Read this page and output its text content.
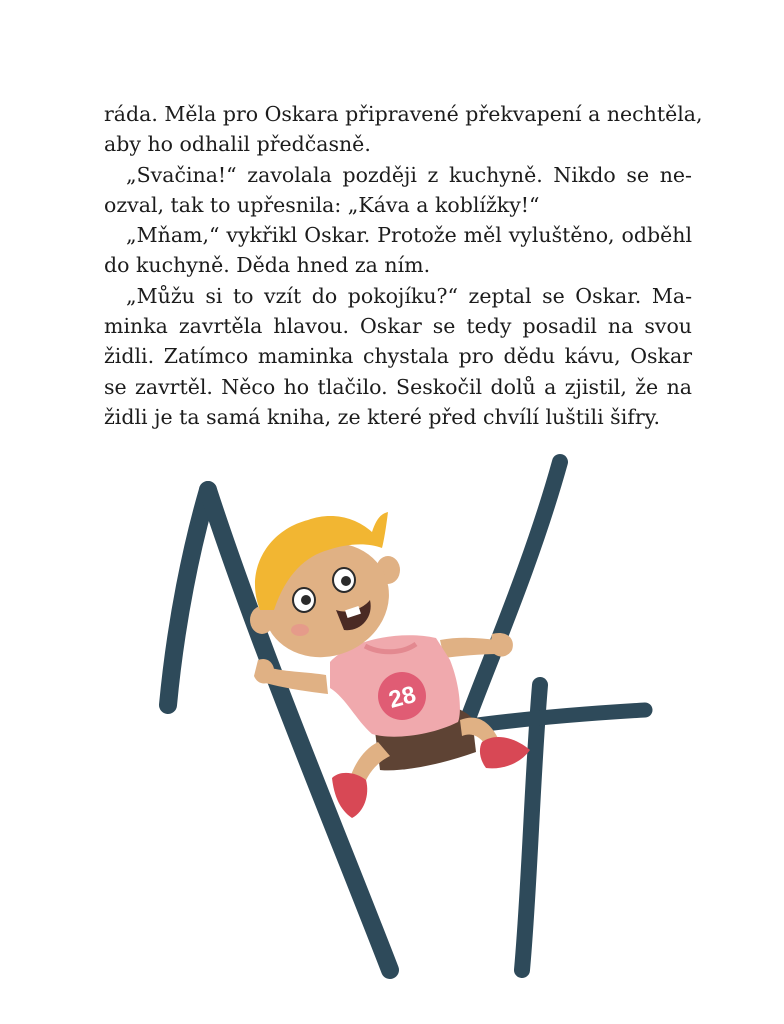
ráda. Měla pro Oskara připravené překvapení a nechtěla,
aby ho odhalil předčasně.
„Svačina!“ zavolala později z kuchyně. Nikdo se ne-
ozval, tak to upřesnila: „Káva a koblížky!“
„Mňam,“ vykřikl Oskar. Protože měl vyluštěno, odběhl
do kuchyně. Děda hned za ním.
„Můžu si to vzít do pokojíku?“ zeptal se Oskar. Ma-
minka zavrtěla hlavou. Oskar se tedy posadil na svou
židli. Zatímco maminka chystala pro dědu kávu, Oskar
se zavrtěl. Něco ho tlačilo. Seskočil dolů a zjistil, že na
židli je ta samá kniha, ze které před chvílí luštili šifry.
28
